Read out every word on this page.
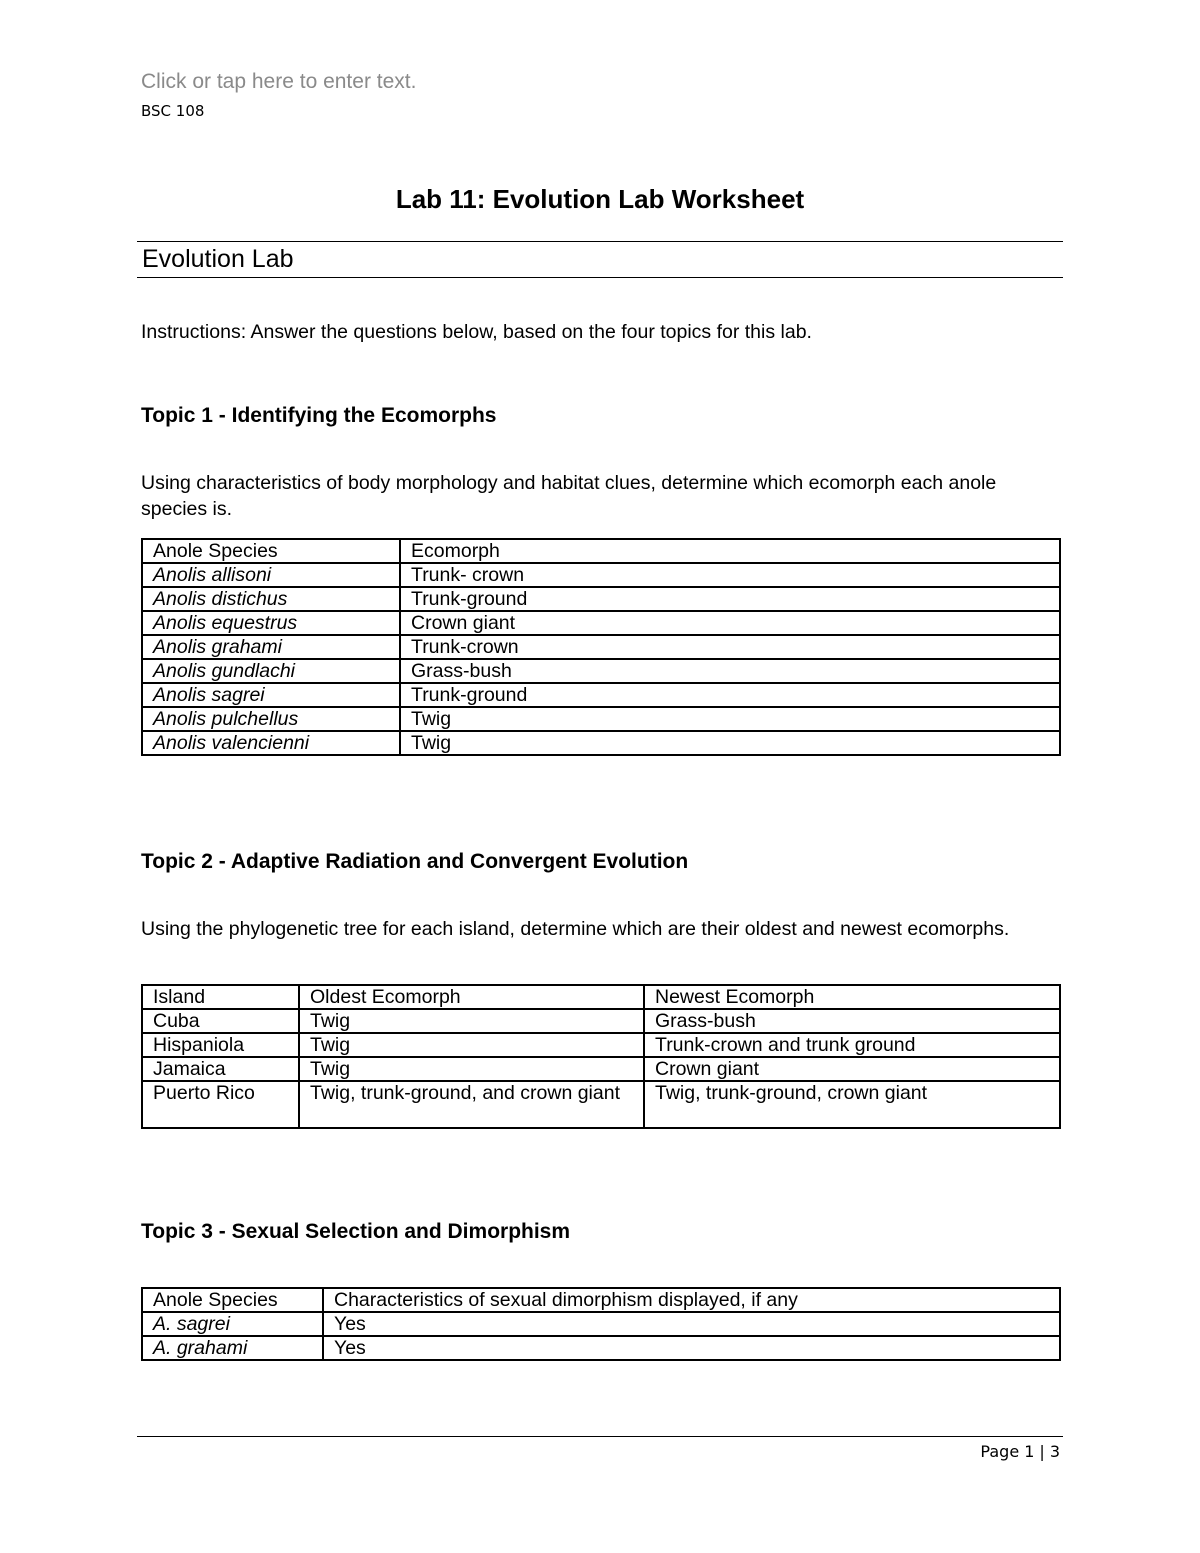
Click or tap here to enter text.
BSC 108
Lab 11: Evolution Lab Worksheet
Evolution Lab
Instructions: Answer the questions below, based on the four topics for this lab.
Topic 1 - Identifying the Ecomorphs
Using characteristics of body morphology and habitat clues, determine which ecomorph each anole species is.
Anole Species	Ecomorph
Anolis allisoni	Trunk- crown
Anolis distichus	Trunk-ground
Anolis equestrus	Crown giant
Anolis grahami	Trunk-crown
Anolis gundlachi	Grass-bush
Anolis sagrei	Trunk-ground
Anolis pulchellus	Twig
Anolis valencienni	Twig
Topic 2 - Adaptive Radiation and Convergent Evolution
Using the phylogenetic tree for each island, determine which are their oldest and newest ecomorphs.
Island	Oldest Ecomorph	Newest Ecomorph
Cuba	Twig	Grass-bush
Hispaniola	Twig	Trunk-crown and trunk ground
Jamaica	Twig	Crown giant
Puerto Rico	Twig, trunk-ground, and crown giant	Twig, trunk-ground, crown giant
Topic 3 - Sexual Selection and Dimorphism
Anole Species	Characteristics of sexual dimorphism displayed, if any
A. sagrei	Yes
A. grahami	Yes
Page 1 | 3
